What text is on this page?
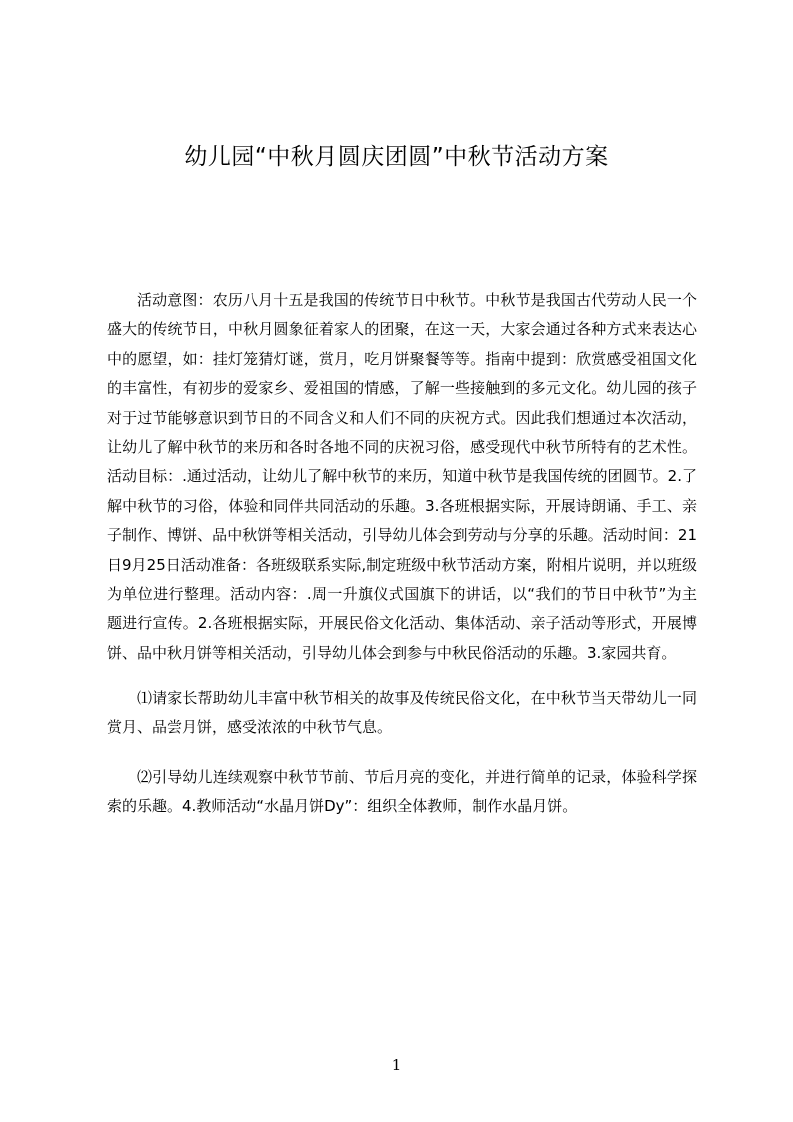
幼儿园“中秋月圆庆团圆”中秋节活动方案

活动意图：农历八月十五是我国的传统节日中秋节。中秋节是我国古代劳动人民一个盛大的传统节日，中秋月圆象征着家人的团聚，在这一天，大家会通过各种方式来表达心中的愿望，如：挂灯笼猜灯谜，赏月，吃月饼聚餐等等。指南中提到：欣赏感受祖国文化的丰富性，有初步的爱家乡、爱祖国的情感，了解一些接触到的多元文化。幼儿园的孩子对于过节能够意识到节日的不同含义和人们不同的庆祝方式。因此我们想通过本次活动，让幼儿了解中秋节的来历和各时各地不同的庆祝习俗，感受现代中秋节所特有的艺术性。活动目标：.通过活动，让幼儿了解中秋节的来历，知道中秋节是我国传统的团圆节。2.了解中秋节的习俗，体验和同伴共同活动的乐趣。3.各班根据实际，开展诗朗诵、手工、亲子制作、博饼、品中秋饼等相关活动，引导幼儿体会到劳动与分享的乐趣。活动时间：21日9月25日活动准备：各班级联系实际,制定班级中秋节活动方案，附相片说明，并以班级为单位进行整理。活动内容：.周一升旗仪式国旗下的讲话，以“我们的节日中秋节”为主题进行宣传。2.各班根据实际，开展民俗文化活动、集体活动、亲子活动等形式，开展博饼、品中秋月饼等相关活动，引导幼儿体会到参与中秋民俗活动的乐趣。3.家园共育。

⑴请家长帮助幼儿丰富中秋节相关的故事及传统民俗文化，在中秋节当天带幼儿一同赏月、品尝月饼，感受浓浓的中秋节气息。

⑵引导幼儿连续观察中秋节节前、节后月亮的变化，并进行简单的记录，体验科学探索的乐趣。4.教师活动“水晶月饼Dy”：组织全体教师，制作水晶月饼。

1
